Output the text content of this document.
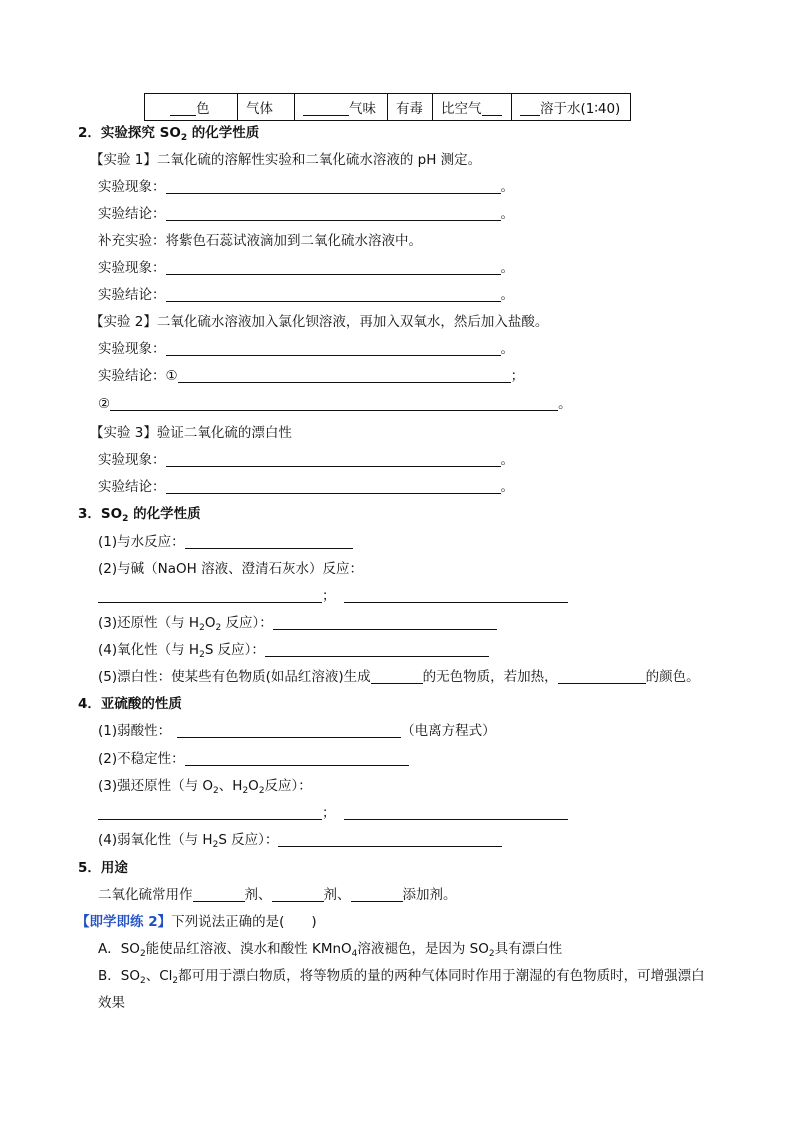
色	气体	气味	有毒	比空气	溶于水(1∶40)
2．实验探究 $SO_2$ 的化学性质
【实验 1】二氧化硫的溶解性实验和二氧化硫水溶液的 pH 测定。
实验现象：	。
实验结论：	。
补充实验：将紫色石蕊试液滴加到二氧化硫水溶液中。
实验现象：	。
实验结论：	。
【实验 2】二氧化硫水溶液加入氯化钡溶液，再加入双氧水，然后加入盐酸。
实验现象：	。
实验结论：①	；
②	。
【实验 3】验证二氧化硫的漂白性
实验现象：	。
实验结论：	。
3．$SO_2$ 的化学性质
(1)与水反应：
(2)与碱（NaOH 溶液、澄清石灰水）反应：
；
(3)还原性（与 $H_2O_2$ 反应）：
(4)氧化性（与 $H_2S$ 反应）：
(5)漂白性：使某些有色物质(如品红溶液)生成	的无色物质，若加热，	的颜色。
4．亚硫酸的性质
(1)弱酸性：	（电离方程式）
(2)不稳定性：
(3)强还原性（与 $O_2$、$H_2O_2$反应）：
；
(4)弱氧化性（与 $H_2S$ 反应）：
5．用途
二氧化硫常用作	剂、	剂、	添加剂。
【即学即练 2】下列说法正确的是(　　)
A．$SO_2$能使品红溶液、溴水和酸性 KMnO$_4$溶液褪色，是因为 $SO_2$具有漂白性
B．$SO_2$、$Cl_2$都可用于漂白物质，将等物质的量的两种气体同时作用于潮湿的有色物质时，可增强漂白
效果
